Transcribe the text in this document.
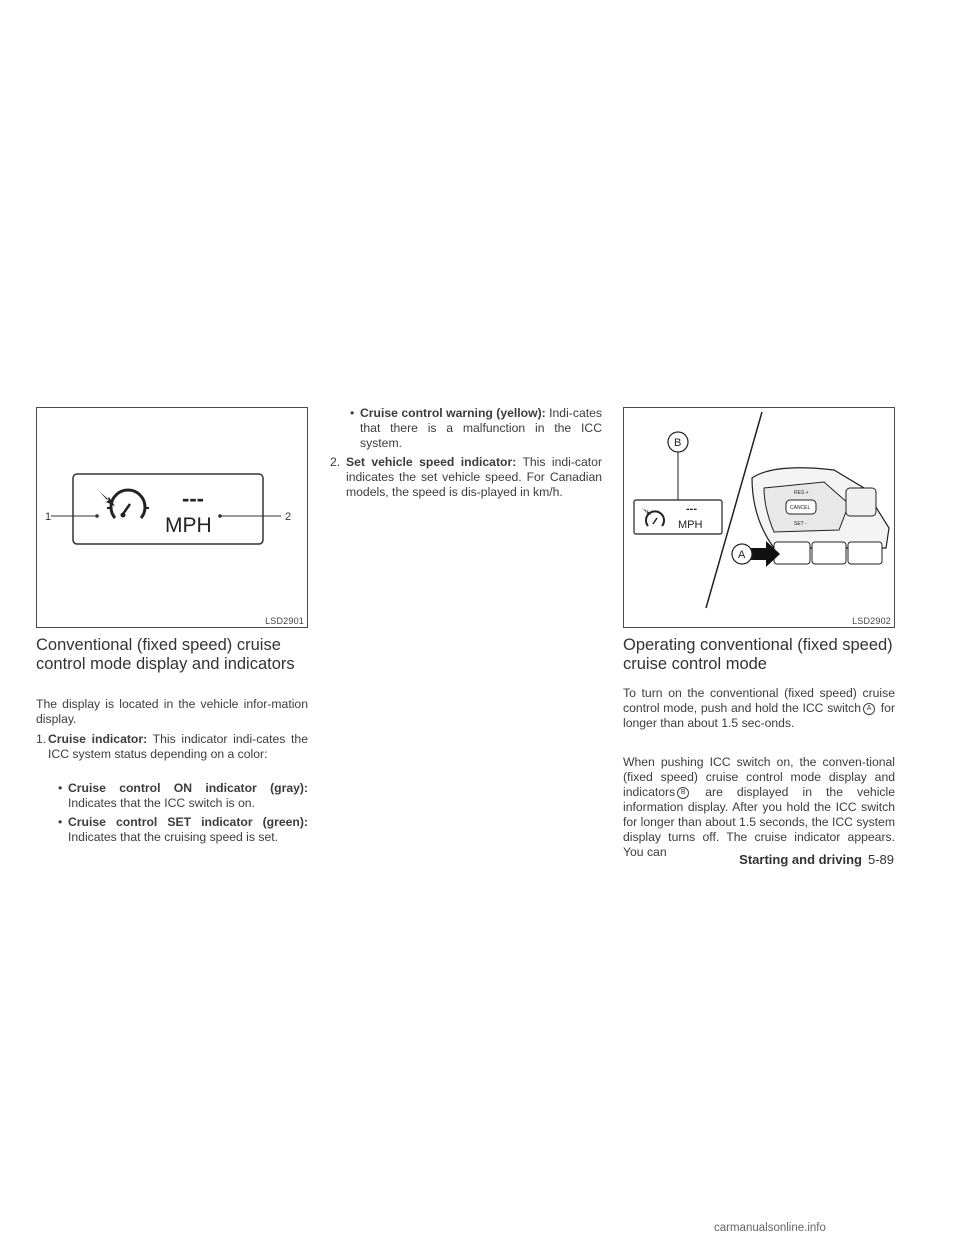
1	2
---
MPH
LSD2901
Conventional (fixed speed) cruise control mode display and indicators

The display is located in the vehicle infor-mation display.

1. Cruise indicator: This indicator indi-cates the ICC system status depending on a color:
• Cruise control ON indicator (gray): Indicates that the ICC switch is on.
• Cruise control SET indicator (green): Indicates that the cruising speed is set.
• Cruise control warning (yellow): Indi-cates that there is a malfunction in the ICC system.
2. Set vehicle speed indicator: This indi-cator indicates the set vehicle speed. For Canadian models, the speed is dis-played in km/h.	RES +
CANCEL
SET -
---
MPH
B
A
LSD2902
Operating conventional (fixed speed) cruise control mode
To turn on the conventional (fixed speed) cruise control mode, push and hold the ICC switch A for longer than about 1.5 sec-onds.
When pushing ICC switch on, the conven-tional (fixed speed) cruise control mode display and indicators B are displayed in the vehicle information display. After you hold the ICC switch for longer than about 1.5 seconds, the ICC system display turns off. The cruise indicator appears. You can	Starting and driving 5-89
carmanualsonline.info
